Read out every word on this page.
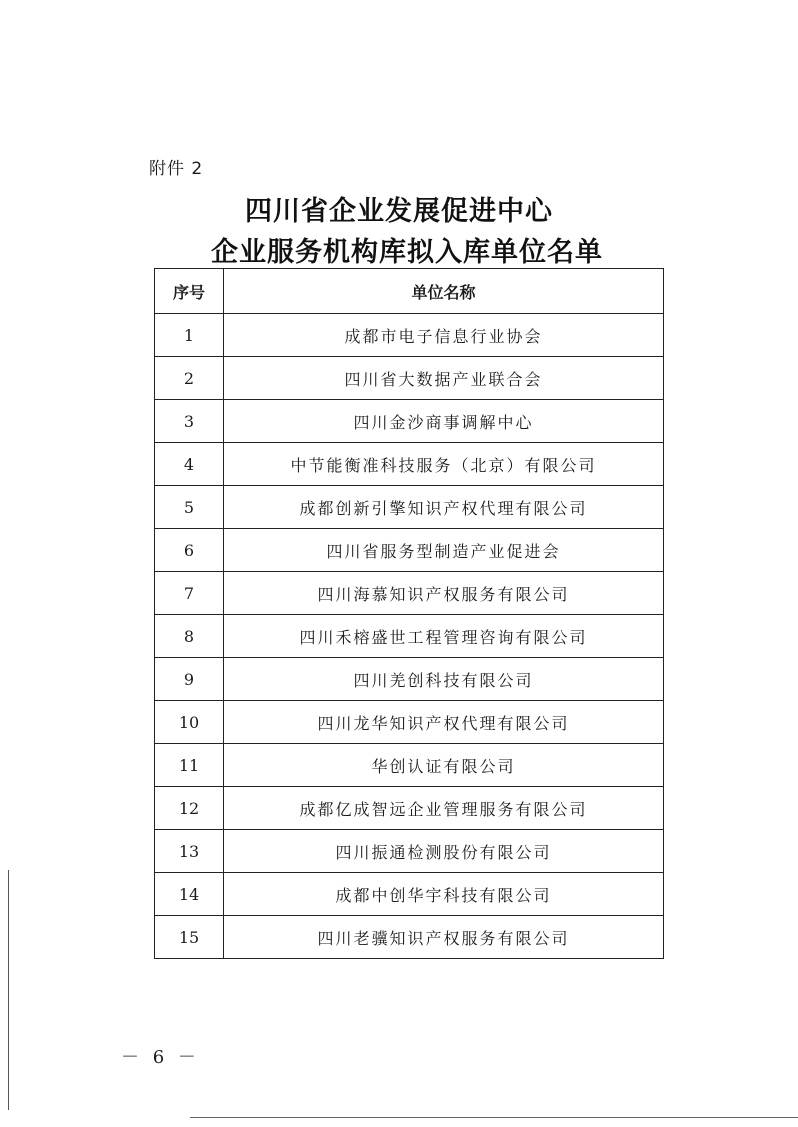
附件 2
四川省企业发展促进中心
企业服务机构库拟入库单位名单
序号	单位名称
1	成都市电子信息行业协会
2	四川省大数据产业联合会
3	四川金沙商事调解中心
4	中节能衡准科技服务（北京）有限公司
5	成都创新引擎知识产权代理有限公司
6	四川省服务型制造产业促进会
7	四川海慕知识产权服务有限公司
8	四川禾榕盛世工程管理咨询有限公司
9	四川羌创科技有限公司
10	四川龙华知识产权代理有限公司
11	华创认证有限公司
12	成都亿成智远企业管理服务有限公司
13	四川振通检测股份有限公司
14	成都中创华宇科技有限公司
15	四川老骥知识产权服务有限公司
－ 6 －
